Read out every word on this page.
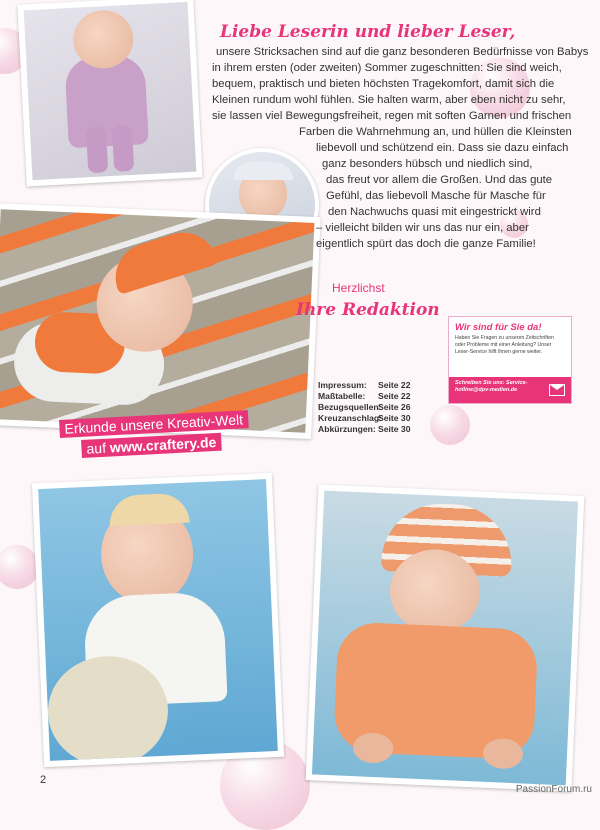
Liebe Leserin und lieber Leser,
unsere Stricksachen sind auf die ganz besonderen Bedürfnisse von Babys
in ihrem ersten (oder zweiten) Sommer zugeschnitten: Sie sind weich,
bequem, praktisch und bieten höchsten Tragekomfort, damit sich die
Kleinen rundum wohl fühlen. Sie halten warm, aber eben nicht zu sehr,
sie lassen viel Bewegungsfreiheit, regen mit soften Garnen und frischen
Farben die Wahrnehmung an, und hüllen die Kleinsten
liebevoll und schützend ein. Dass sie dazu einfach
ganz besonders hübsch und niedlich sind,
das freut vor allem die Großen. Und das gute
Gefühl, das liebevoll Masche für Masche für
den Nachwuchs quasi mit eingestrickt wird
– vielleicht bilden wir uns das nur ein, aber
eigentlich spürt das doch die ganze Familie!
Herzlichst
Ihre Redaktion
Wir sind für Sie da!
Haben Sie Fragen zu unseren Zeitschriften oder Probleme mit einer Anleitung? Unser Leser-Service hilft Ihnen gerne weiter.
Schreiben Sie uns: Service-hotline@dpv-medien.de
Impressum:	Seite 22
Maßtabelle:	Seite 22
Bezugsquellen:
Seite 26
Kreuzanschlag:
Seite 30
Abkürzungen: Seite 30
Erkunde unsere Kreativ-Welt
auf www.craftery.de
2
PassionForum.ru
